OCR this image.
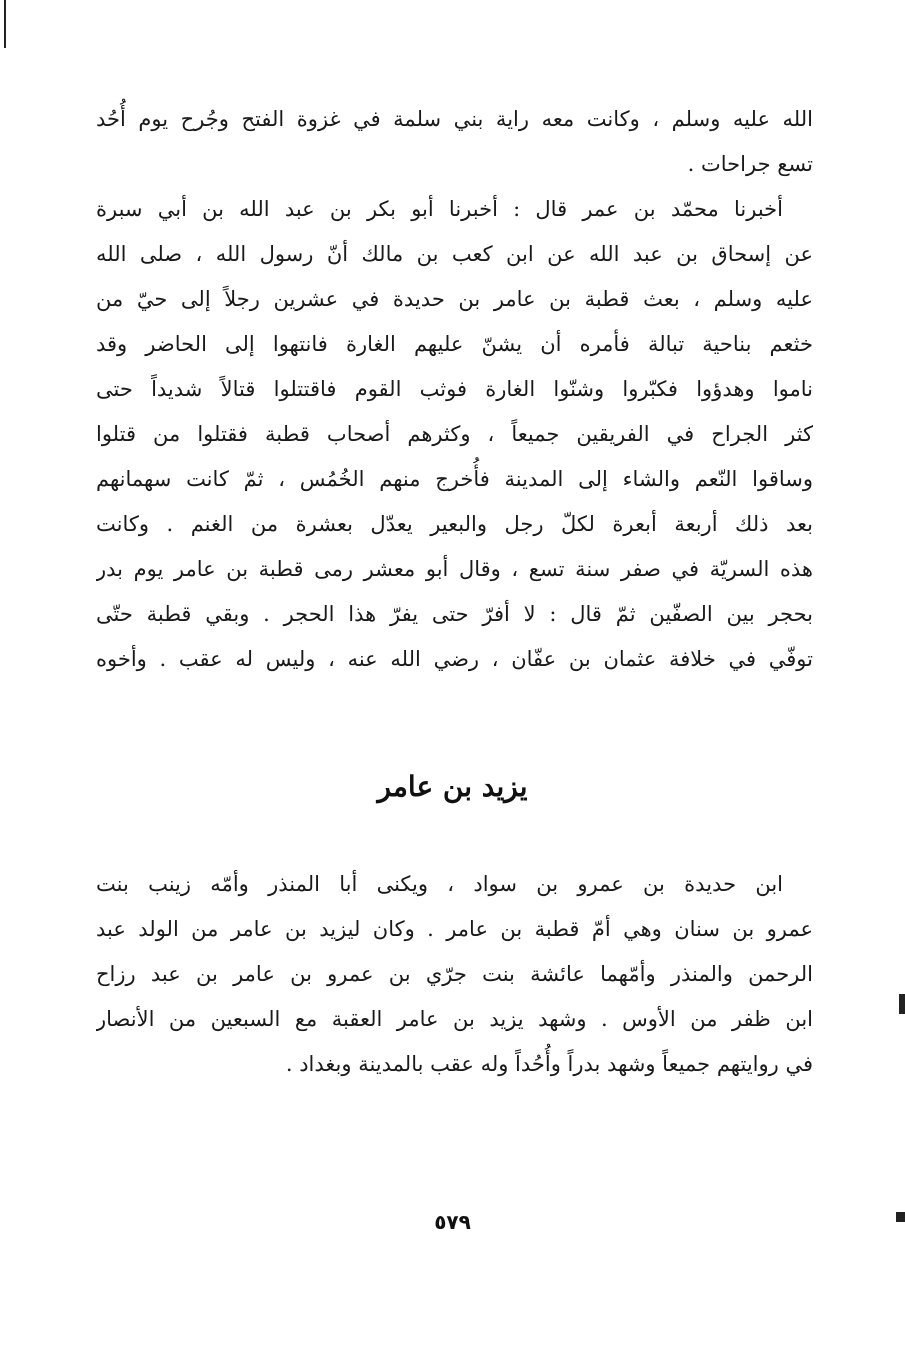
الله عليه وسلم ، وكانت معه راية بني سلمة في غزوة الفتح وجُرح يوم أُحُد
تسع جراحات .
أخبرنا محمّد بن عمر قال : أخبرنا أبو بكر بن عبد الله بن أبي سبرة
عن إسحاق بن عبد الله عن ابن كعب بن مالك أنّ رسول الله ، صلى الله
عليه وسلم ، بعث قطبة بن عامر بن حديدة في عشرين رجلاً إلى حيّ من
خثعم بناحية تبالة فأمره أن يشنّ عليهم الغارة فانتهوا إلى الحاضر وقد
ناموا وهدؤوا فكبّروا وشنّوا الغارة فوثب القوم فاقتتلوا قتالاً شديداً حتى
كثر الجراح في الفريقين جميعاً ، وكثرهم أصحاب قطبة فقتلوا من قتلوا
وساقوا النّعم والشاء إلى المدينة فأُخرج منهم الخُمُس ، ثمّ كانت سهمانهم
بعد ذلك أربعة أبعرة لكلّ رجل والبعير يعدّل بعشرة من الغنم . وكانت
هذه السريّة في صفر سنة تسع ، وقال أبو معشر رمى قطبة بن عامر يوم بدر
بحجر بين الصفّين ثمّ قال : لا أفرّ حتى يفرّ هذا الحجر . وبقي قطبة حتّى
توفّي في خلافة عثمان بن عفّان ، رضي الله عنه ، وليس له عقب . وأخوه
يزيد بن عامر
ابن حديدة بن عمرو بن سواد ، ويكنى أبا المنذر وأمّه زينب بنت
عمرو بن سنان وهي أمّ قطبة بن عامر . وكان ليزيد بن عامر من الولد عبد
الرحمن والمنذر وأمّهما عائشة بنت جرّي بن عمرو بن عامر بن عبد رزاح
ابن ظفر من الأوس . وشهد يزيد بن عامر العقبة مع السبعين من الأنصار
في روايتهم جميعاً وشهد بدراً وأُحُداً وله عقب بالمدينة وبغداد .
٥٧٩
